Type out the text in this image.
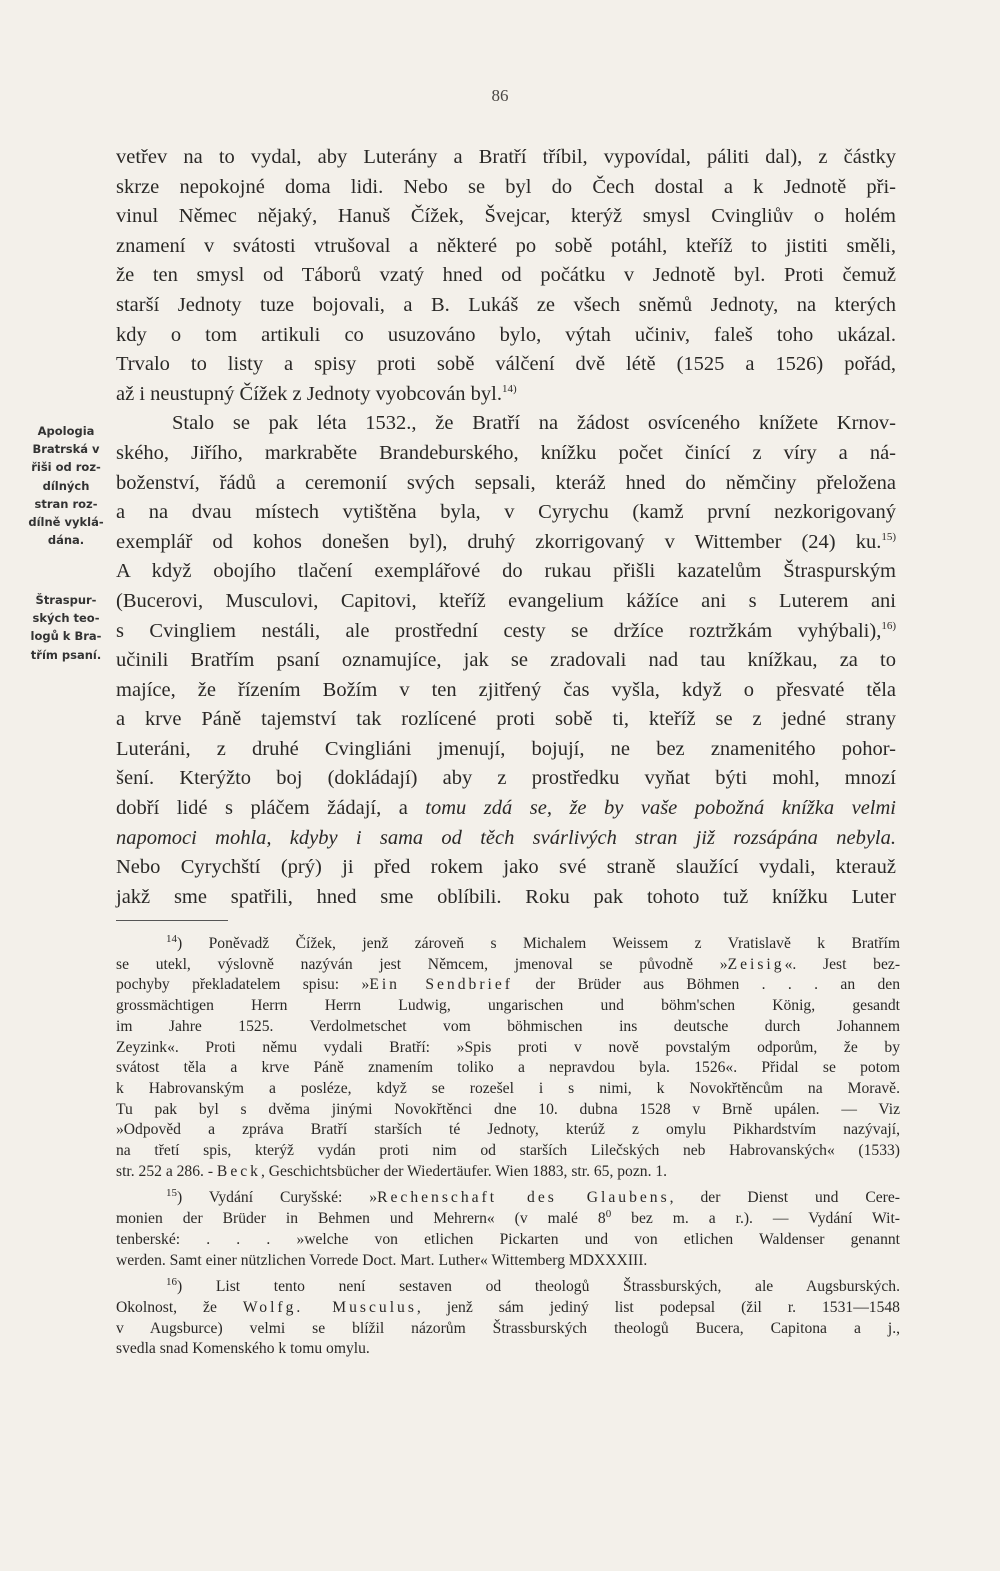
86
vetřev na to vydal, aby Luterány a Bratří tříbil, vypovídal, páliti dal), z částky
skrze nepokojné doma lidi. Nebo se byl do Čech dostal a k Jednotě při-
vinul Němec nějaký, Hanuš Čížek, Švejcar, kterýž smysl Cvingliův o holém
znamení v svátosti vtrušoval a některé po sobě potáhl, kteříž to jistiti směli,
že ten smysl od Táborů vzatý hned od počátku v Jednotě byl. Proti čemuž
starší Jednoty tuze bojovali, a B. Lukáš ze všech sněmů Jednoty, na kterých
kdy o tom artikuli co usuzováno bylo, výtah učiniv, faleš toho ukázal.
Trvalo to listy a spisy proti sobě válčení dvě létě (1525 a 1526) pořád,
až i neustupný Čížek z Jednoty vyobcován byl.$^{14)}$
Stalo se pak léta 1532., že Bratří na žádost osvíceného knížete Krnov-
ského, Jiřího, markraběte Brandeburského, knížku počet činící z víry a ná-
boženství, řádů a ceremonií svých sepsali, kteráž hned do němčiny přeložena
a na dvau místech vytištěna byla, v Cyrychu (kamž první nezkorigovaný
exemplář od kohos donešen byl), druhý zkorrigovaný v Wittember (24) ku.$^{15)}$
A když obojího tlačení exemplářové do rukau přišli kazatelům Štraspurským
(Bucerovi, Musculovi, Capitovi, kteříž evangelium kážíce ani s Luterem ani
s Cvingliem nestáli, ale prostřední cesty se držíce roztržkám vyhýbali),$^{16)}$
učinili Bratřím psaní oznamujíce, jak se zradovali nad tau knížkau, za to
majíce, že řízením Božím v ten zjitřený čas vyšla, když o přesvaté těla
a krve Páně tajemství tak rozlícené proti sobě ti, kteříž se z jedné strany
Luteráni, z druhé Cvingliáni jmenují, bojují, ne bez znamenitého pohor-
šení. Kterýžto boj (dokládají) aby z prostředku vyňat býti mohl, mnozí
dobří lidé s pláčem žádají, a tomu zdá se, že by vaše pobožná knížka velmi
napomoci mohla, kdyby i sama od těch svárlivých stran již rozsápána nebyla.
Nebo Cyrychští (prý) ji před rokem jako své straně slaužící vydali, kterauž
jakž sme spatřili, hned sme oblíbili. Roku pak tohoto tuž knížku Luter
Apologia
Bratrská v
řiši od roz-
dílných
stran roz-
dílně vyklá-
dána.
Štraspur-
ských teo-
logů k Bra-
třím psaní.
$^{14}$) Poněvadž Čížek, jenž zároveň s Michalem Weissem z Vratislavě k Bratřím
se utekl, výslovně nazýván jest Němcem, jmenoval se původně »Zeisig«. Jest bez-
pochyby překladatelem spisu: »Ein Sendbrief der Brüder aus Böhmen . . . an den
grossmächtigen Herrn Herrn Ludwig, ungarischen und böhm'schen König, gesandt
im Jahre 1525. Verdolmetschet vom böhmischen ins deutsche durch Johannem
Zeyzink«. Proti němu vydali Bratří: »Spis proti v nově povstalým odporům, že by
svátost těla a krve Páně znamením toliko a nepravdou byla. 1526«. Přidal se potom
k Habrovanským a posléze, když se rozešel i s nimi, k Novokřtěncům na Moravě.
Tu pak byl s dvěma jinými Novokřtěnci dne 10. dubna 1528 v Brně upálen. — Viz
»Odpověd a zpráva Bratří starších té Jednoty, kterúž z omylu Pikhardstvím nazývají,
na třetí spis, kterýž vydán proti nim od starších Lilečských neb Habrovanských« (1533)
str. 252 a 286. - Beck, Geschichtsbücher der Wiedertäufer. Wien 1883, str. 65, pozn. 1.
$^{15}$) Vydání Curyšské: »Rechenschaft des Glaubens, der Dienst und Cere-
monien der Brüder in Behmen und Mehrern« (v malé $8^0$ bez m. a r.). — Vydání Wit-
tenberské: . . . »welche von etlichen Pickarten und von etlichen Waldenser genannt
werden. Samt einer nützlichen Vorrede Doct. Mart. Luther« Wittemberg MDXXXIII.
$^{16}$) List tento není sestaven od theologů Štrassburských, ale Augsburských.
Okolnost, že Wolfg. Musculus, jenž sám jediný list podepsal (žil r. 1531—1548
v Augsburce) velmi se blížil názorům Štrassburských theologů Bucera, Capitona a j.,
svedla snad Komenského k tomu omylu.
